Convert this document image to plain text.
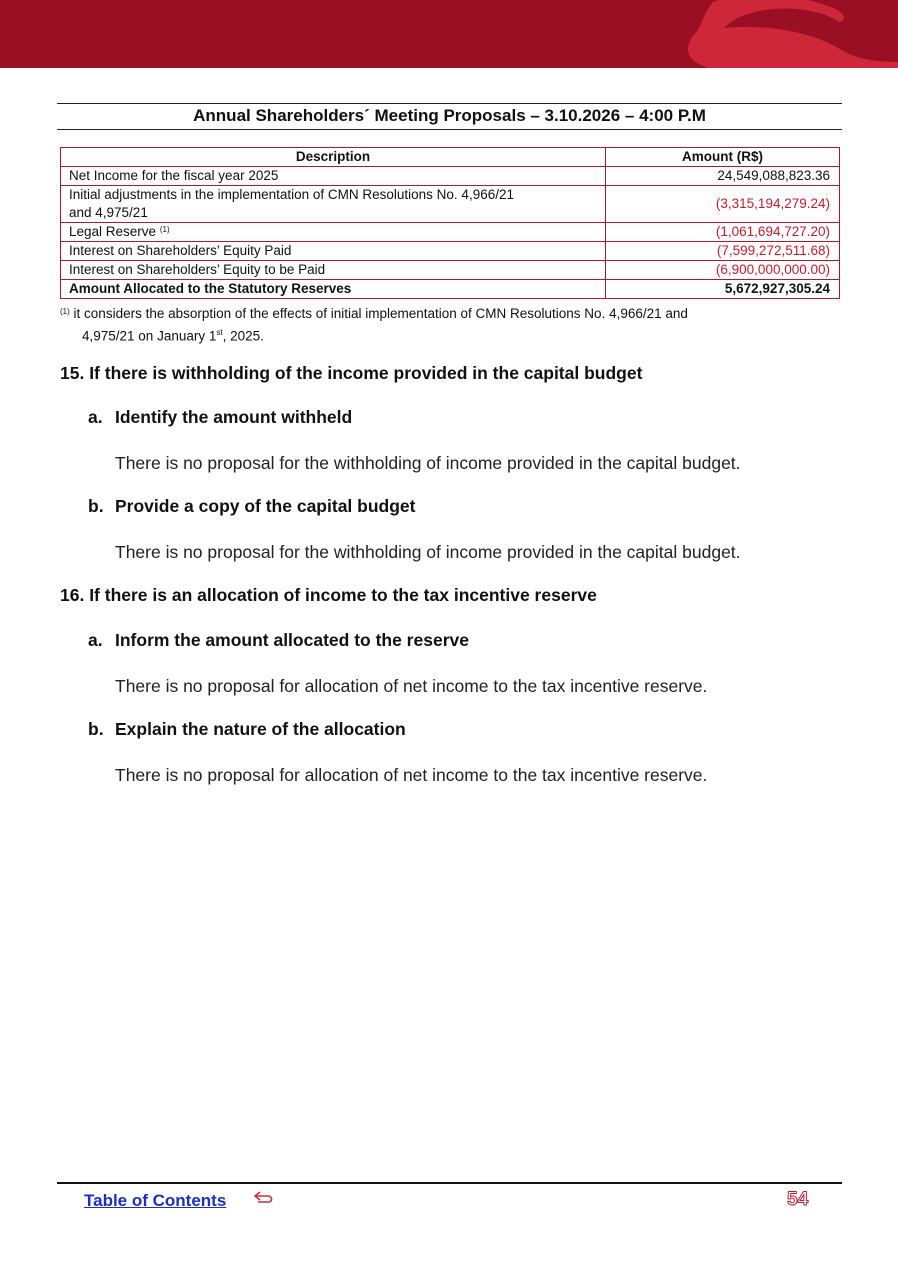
Annual Shareholders´ Meeting Proposals – 3.10.2026 – 4:00 P.M
Description	Amount (R$)
Net Income for the fiscal year 2025	24,549,088,823.36
Initial adjustments in the implementation of CMN Resolutions No. 4,966/21
and 4,975/21	(3,315,194,279.24)
Legal Reserve $^{(1)}$	(1,061,694,727.20)
Interest on Shareholders’ Equity Paid	(7,599,272,511.68)
Interest on Shareholders’ Equity to be Paid	(6,900,000,000.00)
Amount Allocated to the Statutory Reserves	5,672,927,305.24
$^{(1)}$ it considers the absorption of the effects of initial implementation of CMN Resolutions No. 4,966/21 and
4,975/21 on January 1st, 2025.
15. If there is withholding of the income provided in the capital budget
a. Identify the amount withheld
There is no proposal for the withholding of income provided in the capital budget.
b. Provide a copy of the capital budget
There is no proposal for the withholding of income provided in the capital budget.
16. If there is an allocation of income to the tax incentive reserve
a. Inform the amount allocated to the reserve
There is no proposal for allocation of net income to the tax incentive reserve.
b. Explain the nature of the allocation
There is no proposal for allocation of net income to the tax incentive reserve.
Table of Contents	54
